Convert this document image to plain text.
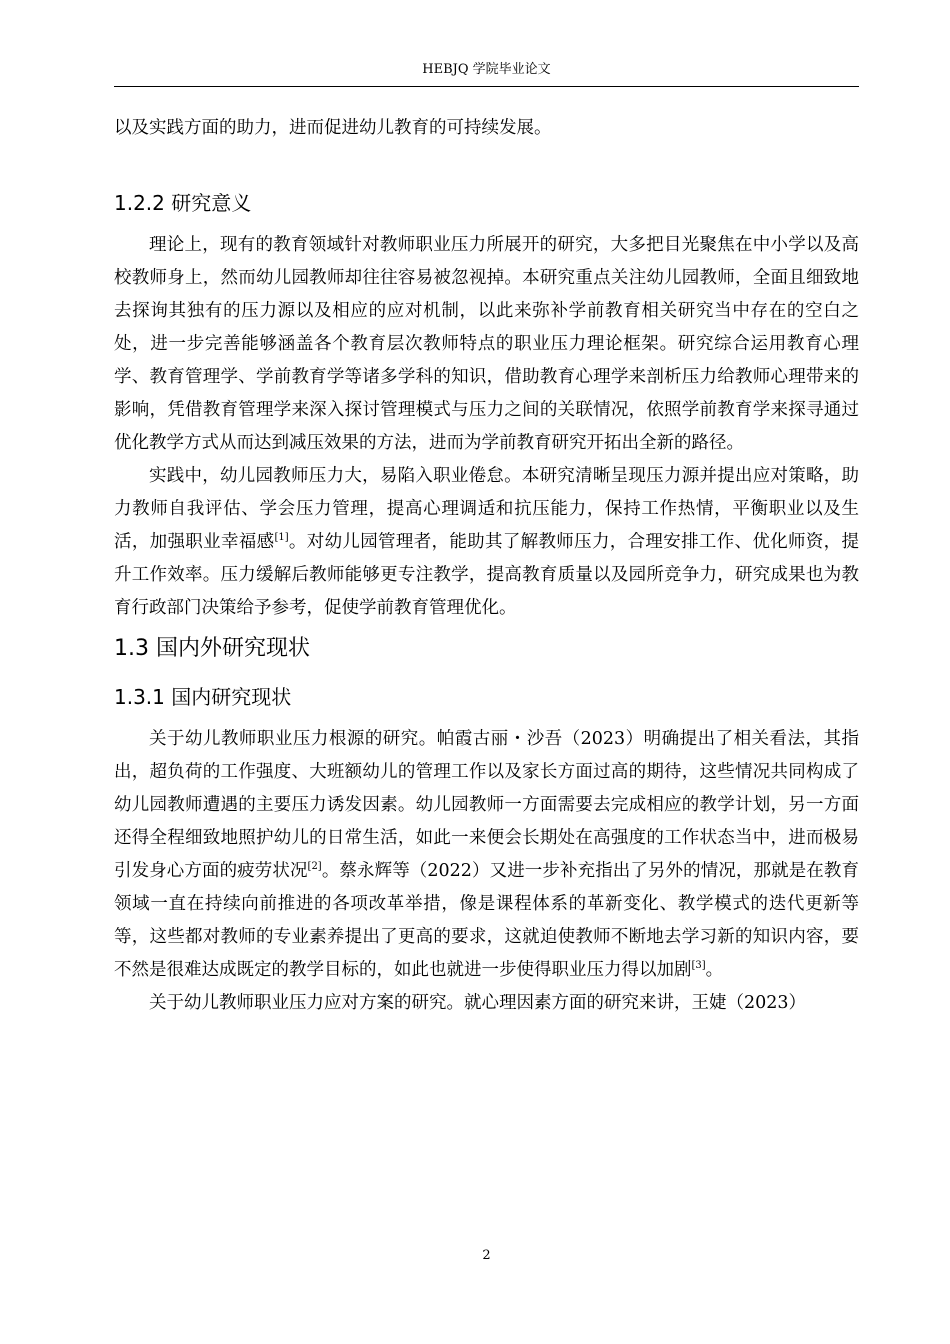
HEBJQ 学院毕业论文

以及实践方面的助力，进而促进幼儿教育的可持续发展。

1.2.2 研究意义

理论上，现有的教育领域针对教师职业压力所展开的研究，大多把目光聚焦在中小学以及高校教师身上，然而幼儿园教师却往往容易被忽视掉。本研究重点关注幼儿园教师，全面且细致地去探询其独有的压力源以及相应的应对机制，以此来弥补学前教育相关研究当中存在的空白之处，进一步完善能够涵盖各个教育层次教师特点的职业压力理论框架。研究综合运用教育心理学、教育管理学、学前教育学等诸多学科的知识，借助教育心理学来剖析压力给教师心理带来的影响，凭借教育管理学来深入探讨管理模式与压力之间的关联情况，依照学前教育学来探寻通过优化教学方式从而达到减压效果的方法，进而为学前教育研究开拓出全新的路径。

实践中，幼儿园教师压力大，易陷入职业倦怠。本研究清晰呈现压力源并提出应对策略，助力教师自我评估、学会压力管理，提高心理调适和抗压能力，保持工作热情，平衡职业以及生活，加强职业幸福感[1]。对幼儿园管理者，能助其了解教师压力，合理安排工作、优化师资，提升工作效率。压力缓解后教师能够更专注教学，提高教育质量以及园所竞争力，研究成果也为教育行政部门决策给予参考，促使学前教育管理优化。

1.3 国内外研究现状
1.3.1 国内研究现状

关于幼儿教师职业压力根源的研究。帕霞古丽・沙吾（2023）明确提出了相关看法，其指出，超负荷的工作强度、大班额幼儿的管理工作以及家长方面过高的期待，这些情况共同构成了幼儿园教师遭遇的主要压力诱发因素。幼儿园教师一方面需要去完成相应的教学计划，另一方面还得全程细致地照护幼儿的日常生活，如此一来便会长期处在高强度的工作状态当中，进而极易引发身心方面的疲劳状况[2]。蔡永辉等（2022）又进一步补充指出了另外的情况，那就是在教育领域一直在持续向前推进的各项改革举措，像是课程体系的革新变化、教学模式的迭代更新等等，这些都对教师的专业素养提出了更高的要求，这就迫使教师不断地去学习新的知识内容，要不然是很难达成既定的教学目标的，如此也就进一步使得职业压力得以加剧[3]。

关于幼儿教师职业压力应对方案的研究。就心理因素方面的研究来讲，王婕（2023）

2
